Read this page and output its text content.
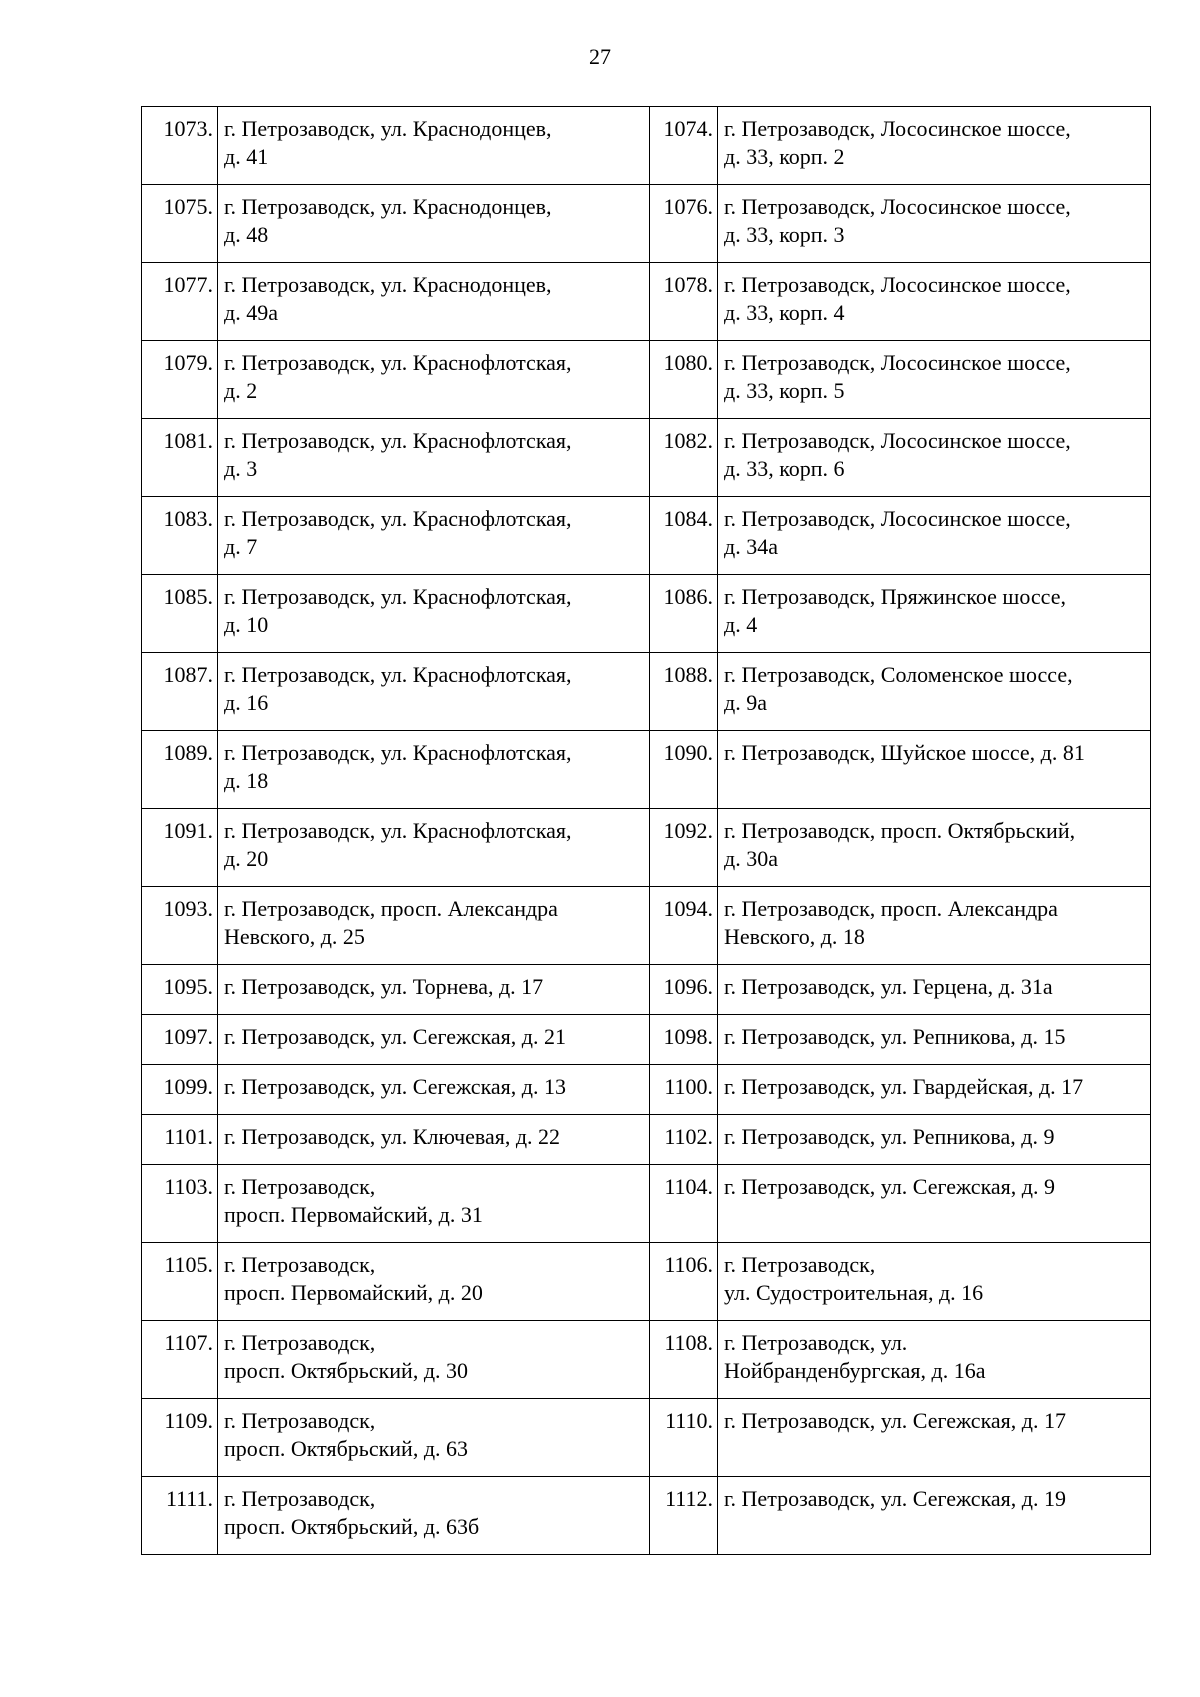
27
1073.	г. Петрозаводск, ул. Краснодонцев,
д. 41	1074.	г. Петрозаводск, Лососинское шоссе,
д. 33, корп. 2
1075.	г. Петрозаводск, ул. Краснодонцев,
д. 48	1076.	г. Петрозаводск, Лососинское шоссе,
д. 33, корп. 3
1077.	г. Петрозаводск, ул. Краснодонцев,
д. 49а	1078.	г. Петрозаводск, Лососинское шоссе,
д. 33, корп. 4
1079.	г. Петрозаводск, ул. Краснофлотская,
д. 2	1080.	г. Петрозаводск, Лососинское шоссе,
д. 33, корп. 5
1081.	г. Петрозаводск, ул. Краснофлотская,
д. 3	1082.	г. Петрозаводск, Лососинское шоссе,
д. 33, корп. 6
1083.	г. Петрозаводск, ул. Краснофлотская,
д. 7	1084.	г. Петрозаводск, Лососинское шоссе,
д. 34а
1085.	г. Петрозаводск, ул. Краснофлотская,
д. 10	1086.	г. Петрозаводск, Пряжинское шоссе,
д. 4
1087.	г. Петрозаводск, ул. Краснофлотская,
д. 16	1088.	г. Петрозаводск, Соломенское шоссе,
д. 9а
1089.	г. Петрозаводск, ул. Краснофлотская,
д. 18	1090.	г. Петрозаводск, Шуйское шоссе, д. 81
1091.	г. Петрозаводск, ул. Краснофлотская,
д. 20	1092.	г. Петрозаводск, просп. Октябрьский,
д. 30а
1093.	г. Петрозаводск, просп. Александра
Невского, д. 25	1094.	г. Петрозаводск, просп. Александра
Невского, д. 18
1095.	г. Петрозаводск, ул. Торнева, д. 17	1096.	г. Петрозаводск, ул. Герцена, д. 31а
1097.	г. Петрозаводск, ул. Сегежская, д. 21	1098.	г. Петрозаводск, ул. Репникова, д. 15
1099.	г. Петрозаводск, ул. Сегежская, д. 13	1100.	г. Петрозаводск, ул. Гвардейская, д. 17
1101.	г. Петрозаводск, ул. Ключевая, д. 22	1102.	г. Петрозаводск, ул. Репникова, д. 9
1103.	г. Петрозаводск,
просп. Первомайский, д. 31	1104.	г. Петрозаводск, ул. Сегежская, д. 9
1105.	г. Петрозаводск,
просп. Первомайский, д. 20	1106.	г. Петрозаводск,
ул. Судостроительная, д. 16
1107.	г. Петрозаводск,
просп. Октябрьский, д. 30	1108.	г. Петрозаводск, ул.
Нойбранденбургская, д. 16а
1109.	г. Петрозаводск,
просп. Октябрьский, д. 63	1110.	г. Петрозаводск, ул. Сегежская, д. 17
1111.	г. Петрозаводск,
просп. Октябрьский, д. 63б	1112.	г. Петрозаводск, ул. Сегежская, д. 19
